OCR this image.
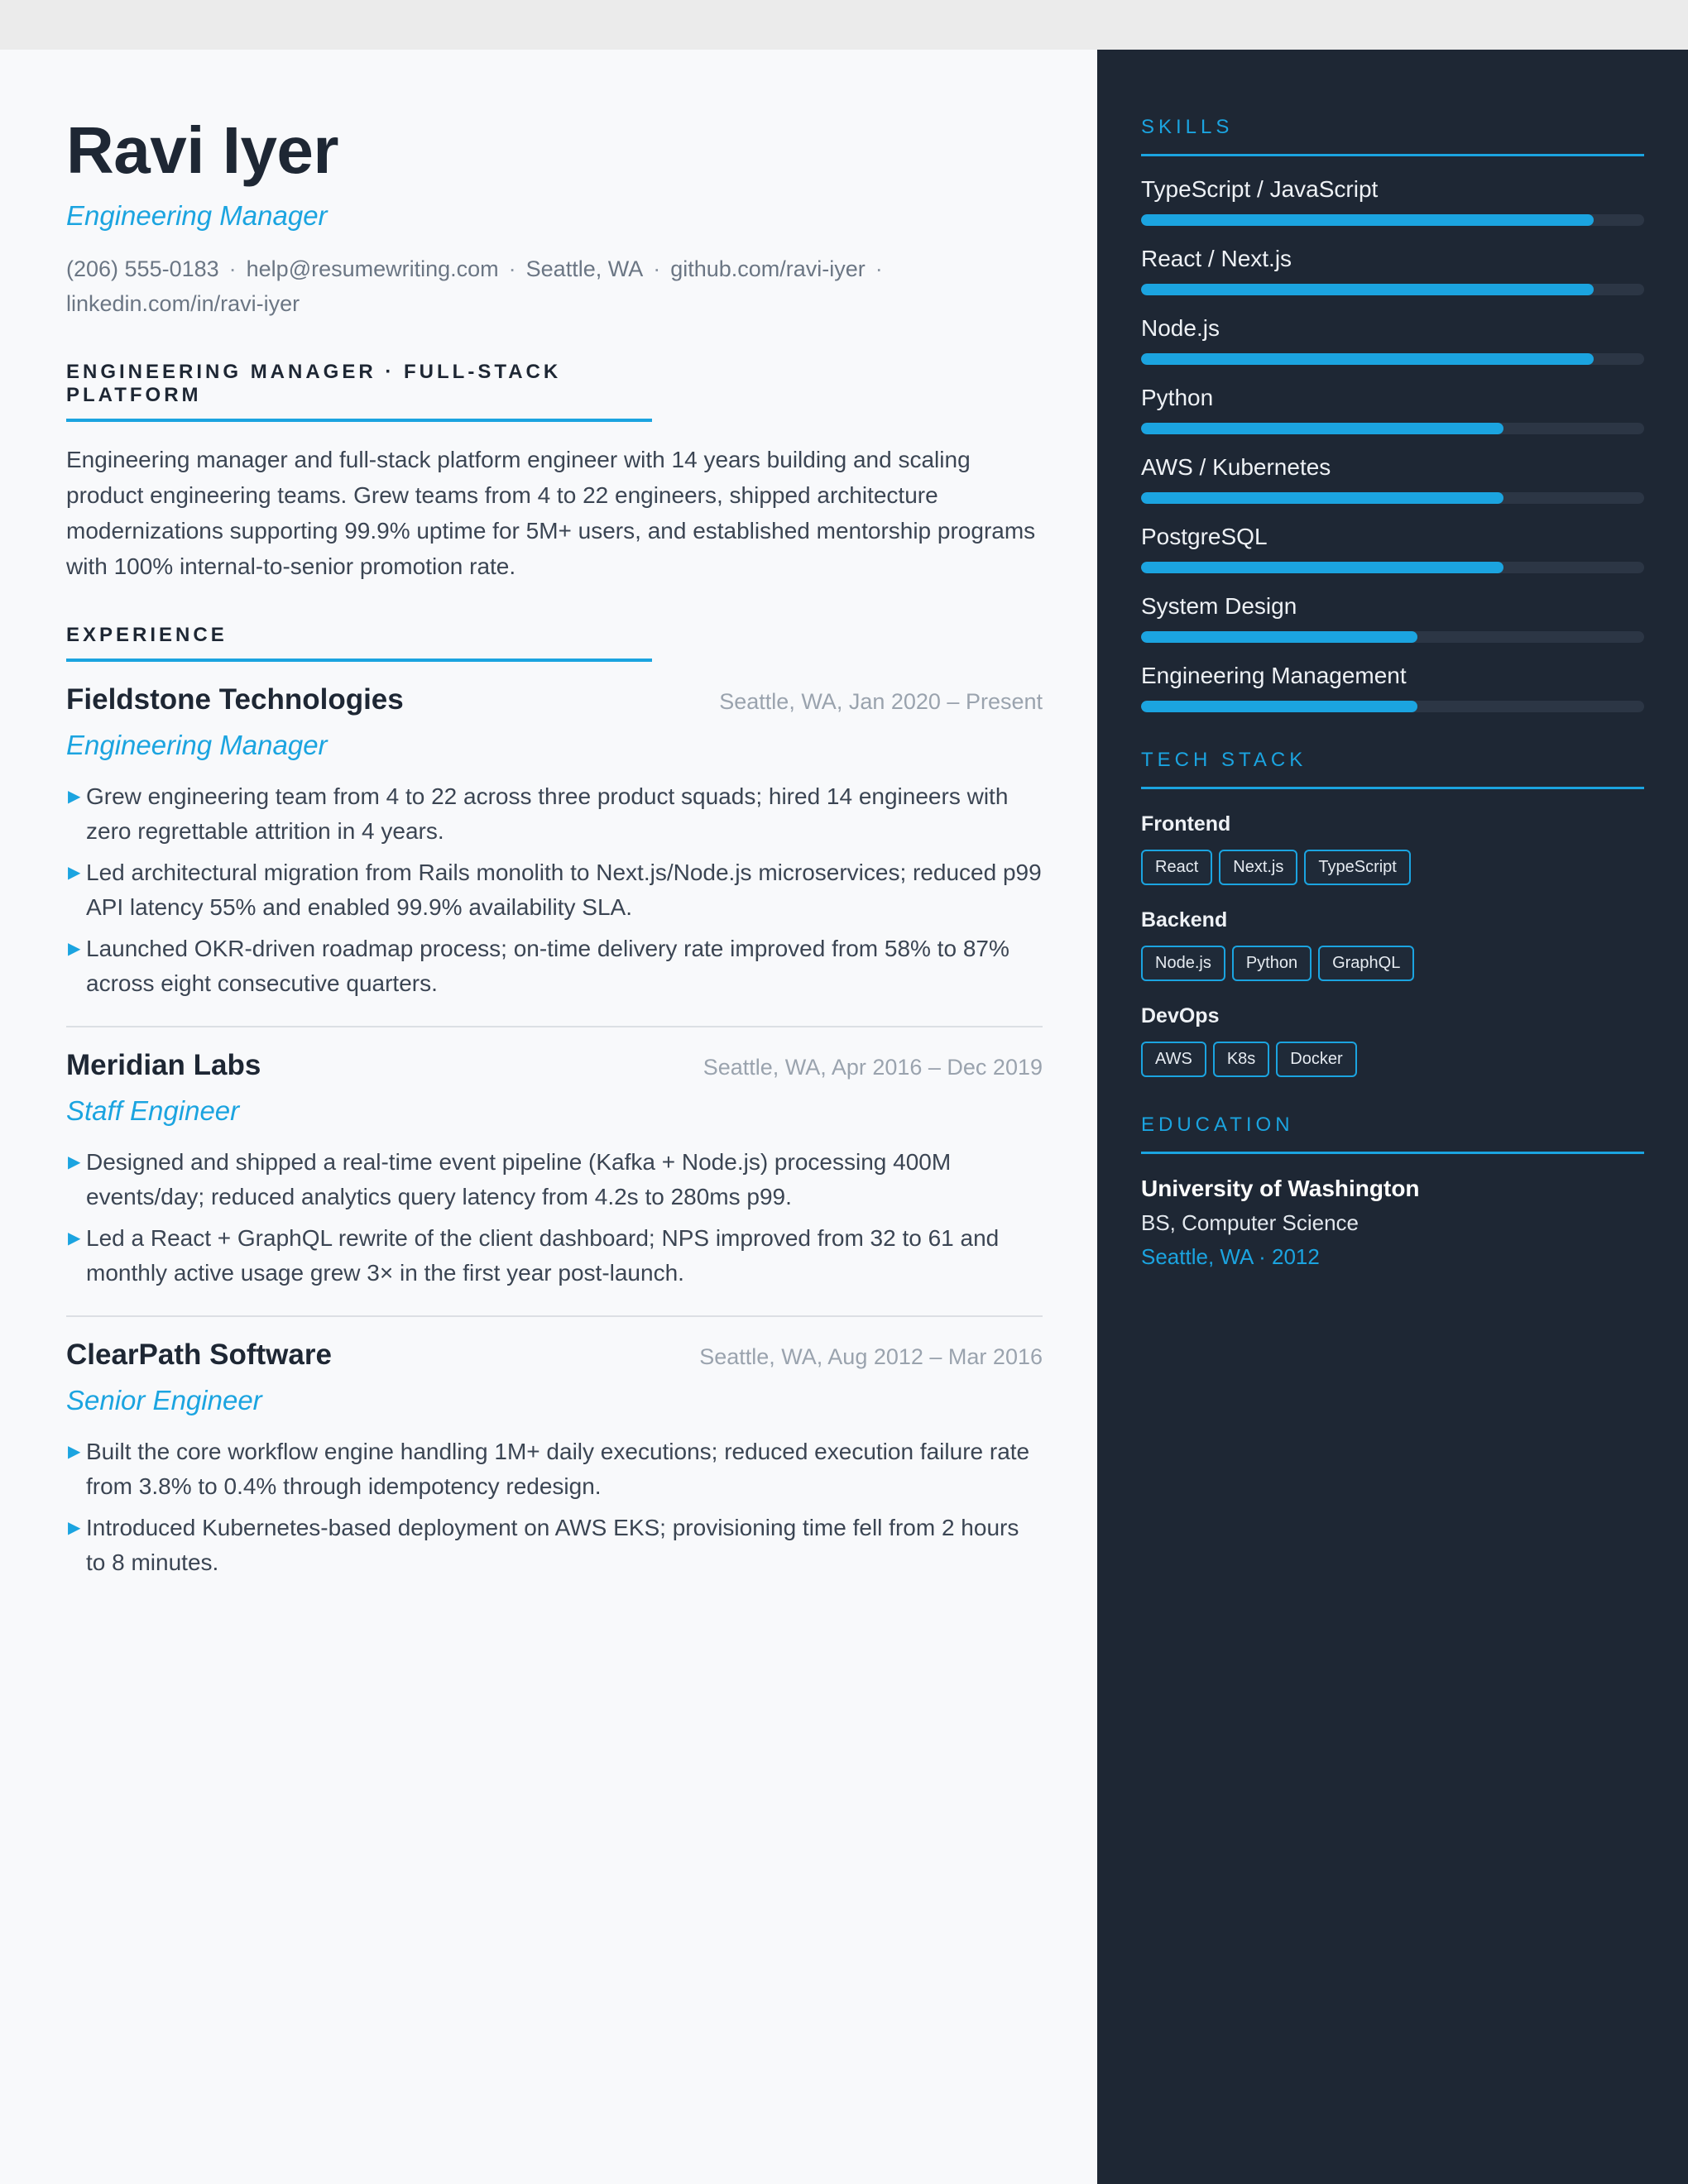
Ravi Iyer
Engineering Manager
(206) 555-0183 · help@resumewriting.com · Seattle, WA · github.com/ravi-iyer ·
linkedin.com/in/ravi-iyer
ENGINEERING MANAGER · FULL-STACK PLATFORM
Engineering manager and full-stack platform engineer with 14 years building and scaling product engineering teams. Grew teams from 4 to 22 engineers, shipped architecture modernizations supporting 99.9% uptime for 5M+ users, and established mentorship programs with 100% internal-to-senior promotion rate.
EXPERIENCE
Fieldstone Technologies	Seattle, WA, Jan 2020 – Present
Engineering Manager
▶ Grew engineering team from 4 to 22 across three product squads; hired 14 engineers with zero regrettable attrition in 4 years.
▶ Led architectural migration from Rails monolith to Next.js/Node.js microservices; reduced p99 API latency 55% and enabled 99.9% availability SLA.
▶ Launched OKR-driven roadmap process; on-time delivery rate improved from 58% to 87% across eight consecutive quarters.
Meridian Labs	Seattle, WA, Apr 2016 – Dec 2019
Staff Engineer
▶ Designed and shipped a real-time event pipeline (Kafka + Node.js) processing 400M events/day; reduced analytics query latency from 4.2s to 280ms p99.
▶ Led a React + GraphQL rewrite of the client dashboard; NPS improved from 32 to 61 and monthly active usage grew 3× in the first year post-launch.
ClearPath Software	Seattle, WA, Aug 2012 – Mar 2016
Senior Engineer
▶ Built the core workflow engine handling 1M+ daily executions; reduced execution failure rate from 3.8% to 0.4% through idempotency redesign.
▶ Introduced Kubernetes-based deployment on AWS EKS; provisioning time fell from 2 hours to 8 minutes.
SKILLS
TypeScript / JavaScript
React / Next.js
Node.js
Python
AWS / Kubernetes
PostgreSQL
System Design
Engineering Management
TECH STACK
Frontend
React	Next.js	TypeScript
Backend
Node.js	Python	GraphQL
DevOps
AWS	K8s	Docker
EDUCATION
University of Washington
BS, Computer Science
Seattle, WA · 2012
